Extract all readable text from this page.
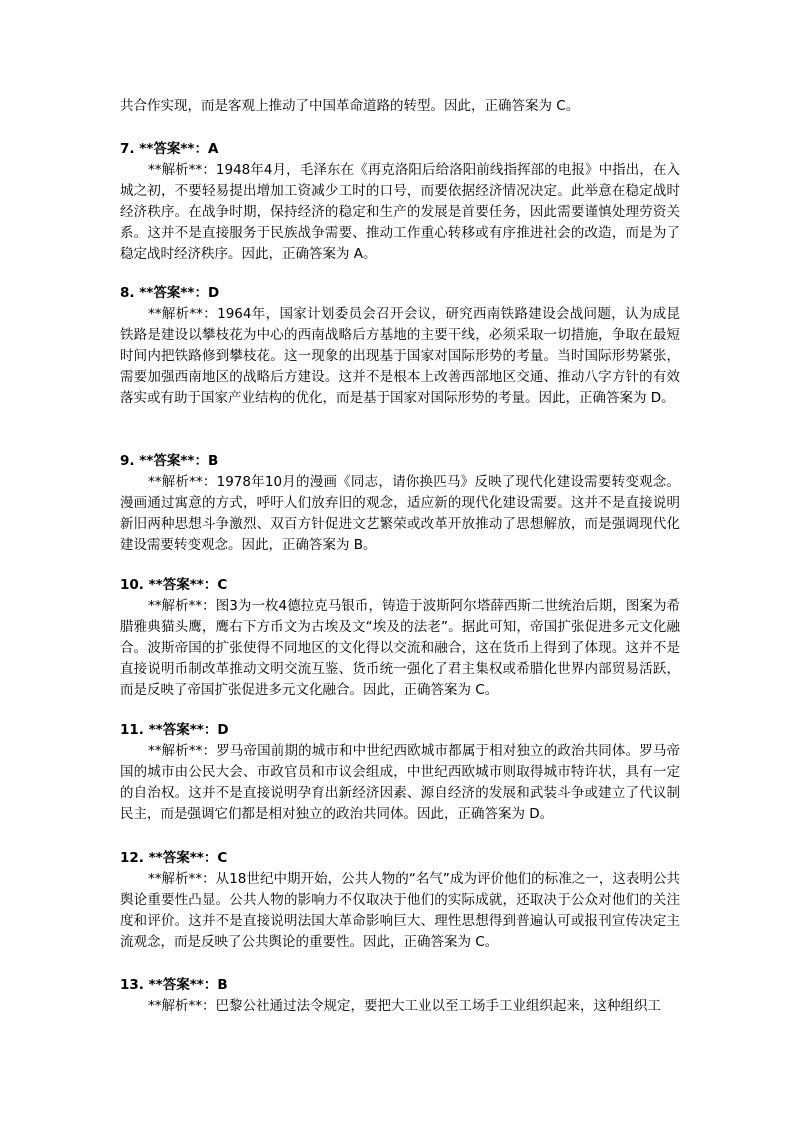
共合作实现，而是客观上推动了中国革命道路的转型。因此，正确答案为 C。

7. **答案**：A

**解析**：1948年4月，毛泽东在《再克洛阳后给洛阳前线指挥部的电报》中指出，在入城之初，不要轻易提出增加工资减少工时的口号，而要依据经济情况决定。此举意在稳定战时经济秩序。在战争时期，保持经济的稳定和生产的发展是首要任务，因此需要谨慎处理劳资关系。这并不是直接服务于民族战争需要、推动工作重心转移或有序推进社会的改造，而是为了稳定战时经济秩序。因此，正确答案为 A。

8. **答案**：D

**解析**：1964年，国家计划委员会召开会议，研究西南铁路建设会战问题，认为成昆铁路是建设以攀枝花为中心的西南战略后方基地的主要干线，必须采取一切措施，争取在最短时间内把铁路修到攀枝花。这一现象的出现基于国家对国际形势的考量。当时国际形势紧张，需要加强西南地区的战略后方建设。这并不是根本上改善西部地区交通、推动八字方针的有效落实或有助于国家产业结构的优化，而是基于国家对国际形势的考量。因此，正确答案为 D。

9. **答案**：B

**解析**：1978年10月的漫画《同志，请你换匹马》反映了现代化建设需要转变观念。漫画通过寓意的方式，呼吁人们放弃旧的观念，适应新的现代化建设需要。这并不是直接说明新旧两种思想斗争激烈、双百方针促进文艺繁荣或改革开放推动了思想解放，而是强调现代化建设需要转变观念。因此，正确答案为 B。

10. **答案**：C

**解析**：图3为一枚4德拉克马银币，铸造于波斯阿尔塔薛西斯二世统治后期，图案为希腊雅典猫头鹰，鹰右下方币文为古埃及文“埃及的法老”。据此可知，帝国扩张促进多元文化融合。波斯帝国的扩张使得不同地区的文化得以交流和融合，这在货币上得到了体现。这并不是直接说明币制改革推动文明交流互鉴、货币统一强化了君主集权或希腊化世界内部贸易活跃，而是反映了帝国扩张促进多元文化融合。因此，正确答案为 C。

11. **答案**：D

**解析**：罗马帝国前期的城市和中世纪西欧城市都属于相对独立的政治共同体。罗马帝国的城市由公民大会、市政官员和市议会组成，中世纪西欧城市则取得城市特许状，具有一定的自治权。这并不是直接说明孕育出新经济因素、源自经济的发展和武装斗争或建立了代议制民主，而是强调它们都是相对独立的政治共同体。因此，正确答案为 D。

12. **答案**：C

**解析**：从18世纪中期开始，公共人物的“名气”成为评价他们的标准之一，这表明公共舆论重要性凸显。公共人物的影响力不仅取决于他们的实际成就，还取决于公众对他们的关注度和评价。这并不是直接说明法国大革命影响巨大、理性思想得到普遍认可或报刊宣传决定主流观念，而是反映了公共舆论的重要性。因此，正确答案为 C。

13. **答案**：B

**解析**：巴黎公社通过法令规定，要把大工业以至工场手工业组织起来，这种组织工
